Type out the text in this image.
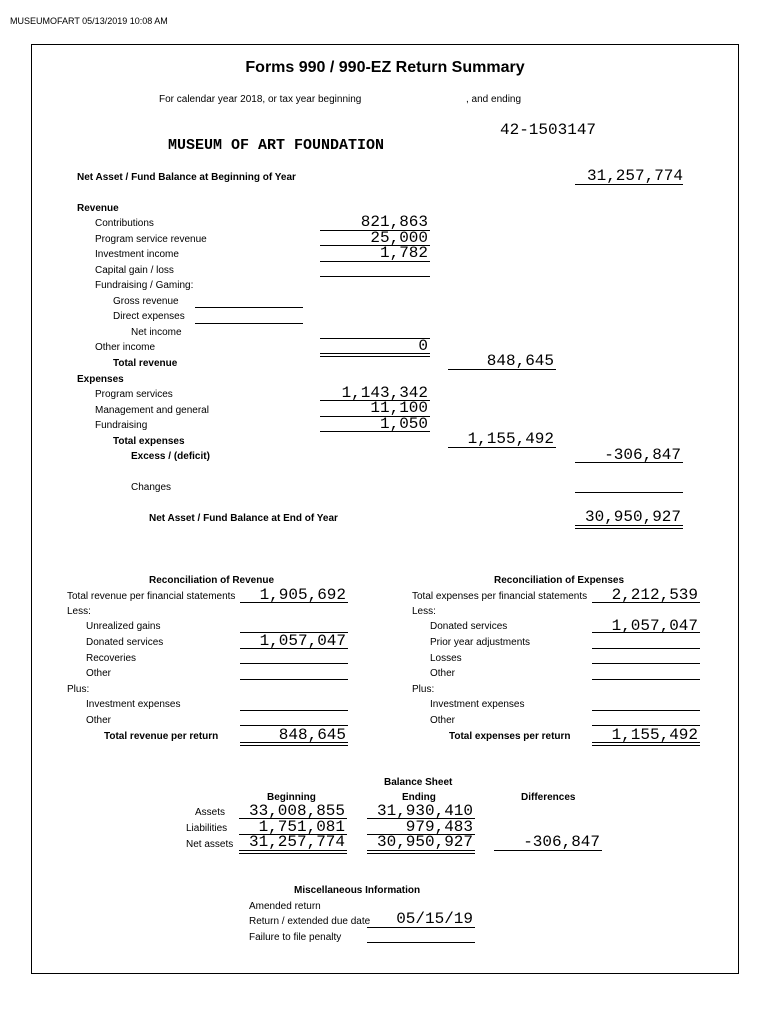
MUSEUMOFART 05/13/2019 10:08 AM
Forms 990 / 990-EZ Return Summary
For calendar year 2018, or tax year beginning	, and ending
42-1503147
MUSEUM OF ART FOUNDATION
Net Asset / Fund Balance at Beginning of Year	31,257,774
Revenue
Contributions	821,863
Program service revenue	25,000
Investment income	1,782
Capital gain / loss
Fundraising / Gaming:
Gross revenue
Direct expenses
Net income
Other income	0
Total revenue	848,645
Expenses
Program services	1,143,342
Management and general	11,100
Fundraising	1,050
Total expenses	1,155,492
Excess / (deficit)	-306,847
Changes
Net Asset / Fund Balance at End of Year	30,950,927
Reconciliation of Revenue
Total revenue per financial statements	1,905,692
Less:
Unrealized gains
Donated services	1,057,047
Recoveries
Other
Plus:
Investment expenses
Other
Total revenue per return	848,645
Reconciliation of Expenses
Total expenses per financial statements	2,212,539
Less:
Donated services	1,057,047
Prior year adjustments
Losses
Other
Plus:
Investment expenses
Other
Total expenses per return	1,155,492
Balance Sheet
Beginning	Ending	Differences
Assets	33,008,855	31,930,410
Liabilities	1,751,081	979,483
Net assets 31,257,774	30,950,927	-306,847
Miscellaneous Information
Amended return
Return / extended due date	05/15/19
Failure to file penalty
